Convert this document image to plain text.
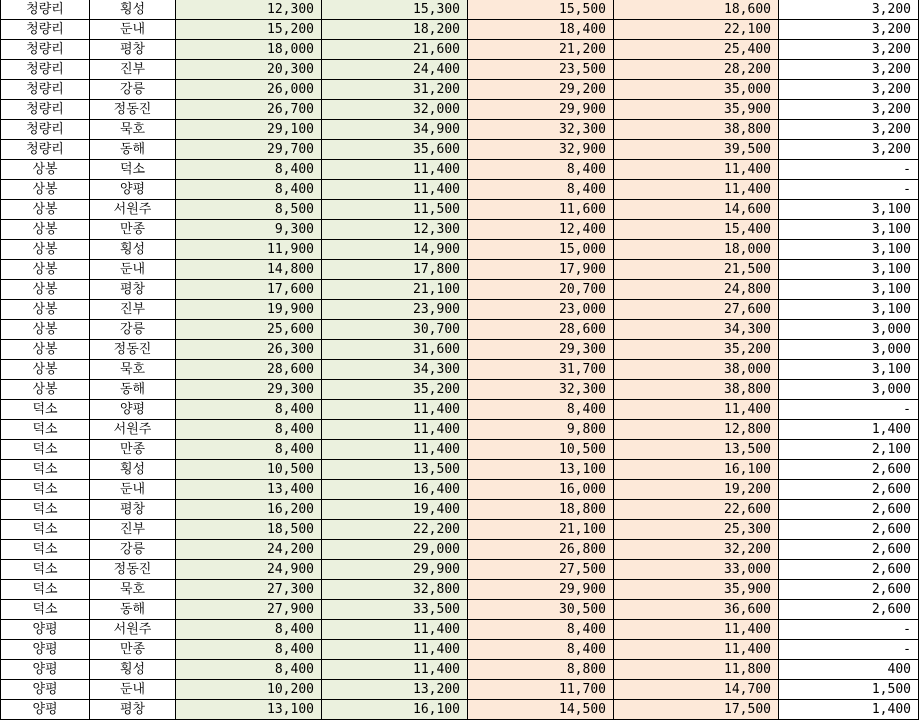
청량리	횡성	12,300	15,300	15,500	18,600	3,200
청량리	둔내	15,200	18,200	18,400	22,100	3,200
청량리	평창	18,000	21,600	21,200	25,400	3,200
청량리	진부	20,300	24,400	23,500	28,200	3,200
청량리	강릉	26,000	31,200	29,200	35,000	3,200
청량리	정동진	26,700	32,000	29,900	35,900	3,200
청량리	묵호	29,100	34,900	32,300	38,800	3,200
청량리	동해	29,700	35,600	32,900	39,500	3,200
상봉	덕소	8,400	11,400	8,400	11,400	-
상봉	양평	8,400	11,400	8,400	11,400	-
상봉	서원주	8,500	11,500	11,600	14,600	3,100
상봉	만종	9,300	12,300	12,400	15,400	3,100
상봉	횡성	11,900	14,900	15,000	18,000	3,100
상봉	둔내	14,800	17,800	17,900	21,500	3,100
상봉	평창	17,600	21,100	20,700	24,800	3,100
상봉	진부	19,900	23,900	23,000	27,600	3,100
상봉	강릉	25,600	30,700	28,600	34,300	3,000
상봉	정동진	26,300	31,600	29,300	35,200	3,000
상봉	묵호	28,600	34,300	31,700	38,000	3,100
상봉	동해	29,300	35,200	32,300	38,800	3,000
덕소	양평	8,400	11,400	8,400	11,400	-
덕소	서원주	8,400	11,400	9,800	12,800	1,400
덕소	만종	8,400	11,400	10,500	13,500	2,100
덕소	횡성	10,500	13,500	13,100	16,100	2,600
덕소	둔내	13,400	16,400	16,000	19,200	2,600
덕소	평창	16,200	19,400	18,800	22,600	2,600
덕소	진부	18,500	22,200	21,100	25,300	2,600
덕소	강릉	24,200	29,000	26,800	32,200	2,600
덕소	정동진	24,900	29,900	27,500	33,000	2,600
덕소	묵호	27,300	32,800	29,900	35,900	2,600
덕소	동해	27,900	33,500	30,500	36,600	2,600
양평	서원주	8,400	11,400	8,400	11,400	-
양평	만종	8,400	11,400	8,400	11,400	-
양평	횡성	8,400	11,400	8,800	11,800	400
양평	둔내	10,200	13,200	11,700	14,700	1,500
양평	평창	13,100	16,100	14,500	17,500	1,400
